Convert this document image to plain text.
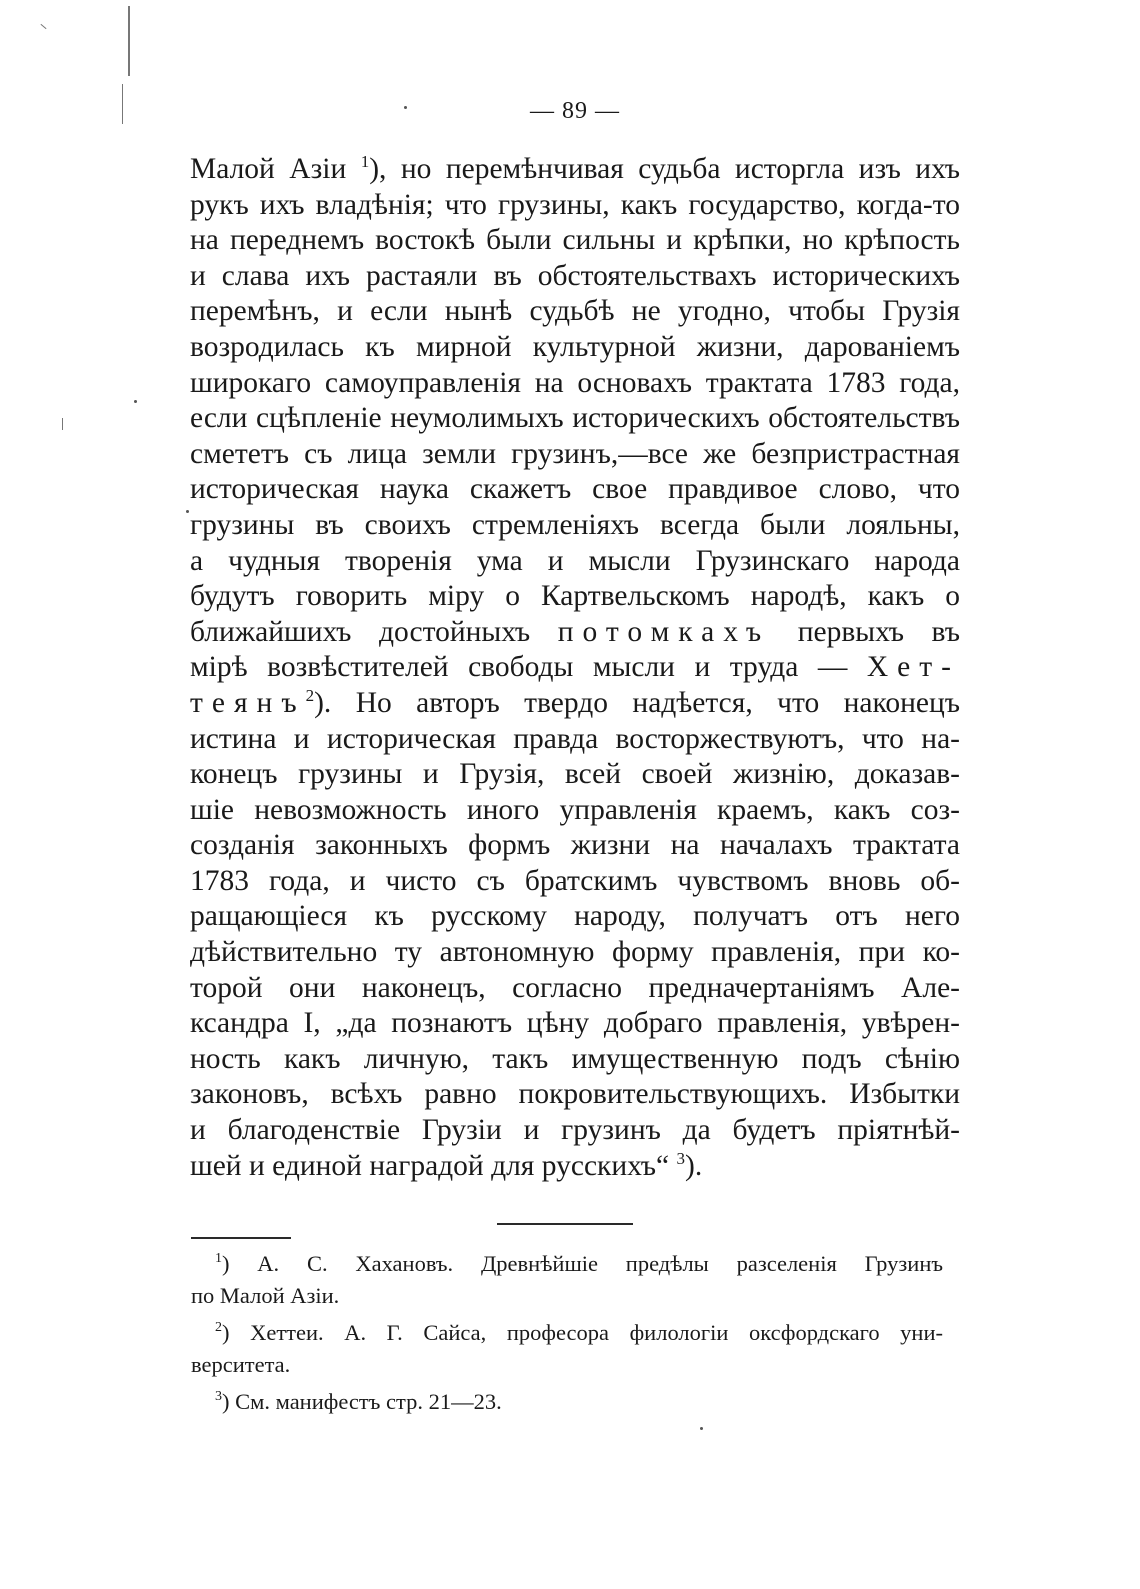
— 89 —
Малой Азіи $^1$), но перемѣнчивая судьба исторгла изъ ихъ
рукъ ихъ владѣнія; что грузины, какъ государство, когда-то
на переднемъ востокѣ были сильны и крѣпки, но крѣпость
и слава ихъ растаяли въ обстоятельствахъ историческихъ
перемѣнъ, и если нынѣ судьбѣ не угодно, чтобы Грузія
возродилась къ мирной культурной жизни, дарованіемъ
широкаго самоуправленія на основахъ трактата 1783 года,
если сцѣпленіе неумолимыхъ историческихъ обстоятельствъ
смететъ съ лица земли грузинъ,—все же безпристрастная
историческая наука скажетъ свое правдивое слово, что
грузины въ своихъ стремленіяхъ всегда были лояльны,
а чудныя творенія ума и мысли Грузинскаго народа
будутъ говорить міру о Картвельскомъ народѣ, какъ о
ближайшихъ достойныхъ потомкахъ первыхъ въ
мірѣ возвѣстителей свободы мысли и труда — Хет-
теянъ$^2$). Но авторъ твердо надѣется, что наконецъ
истина и историческая правда восторжествуютъ, что на-
конецъ грузины и Грузія, всей своей жизнію, доказав-
шіе невозможность иного управленія краемъ, какъ соз-
созданія законныхъ формъ жизни на началахъ трактата
1783 года, и чисто съ братскимъ чувствомъ вновь об-
ращающіеся къ русскому народу, получатъ отъ него
дѣйствительно ту автономную форму правленія, при ко-
торой они наконецъ, согласно предначертаніямъ Але-
ксандра I, „да познаютъ цѣну добраго правленія, увѣрен-
ность какъ личную, такъ имущественную подъ сѣнію
законовъ, всѣхъ равно покровительствующихъ. Избытки
и благоденствіе Грузіи и грузинъ да будетъ пріятнѣй-
шей и единой наградой для русскихъ“ $^3$).
$^1$) А. С. Хахановъ. Древнѣйшіе предѣлы разселенія Грузинъ
по Малой Азіи.
$^2$) Хеттеи. А. Г. Сайса, професора филологіи оксфордскаго уни-
верситета.
$^3$) См. манифестъ стр. 21—23.
